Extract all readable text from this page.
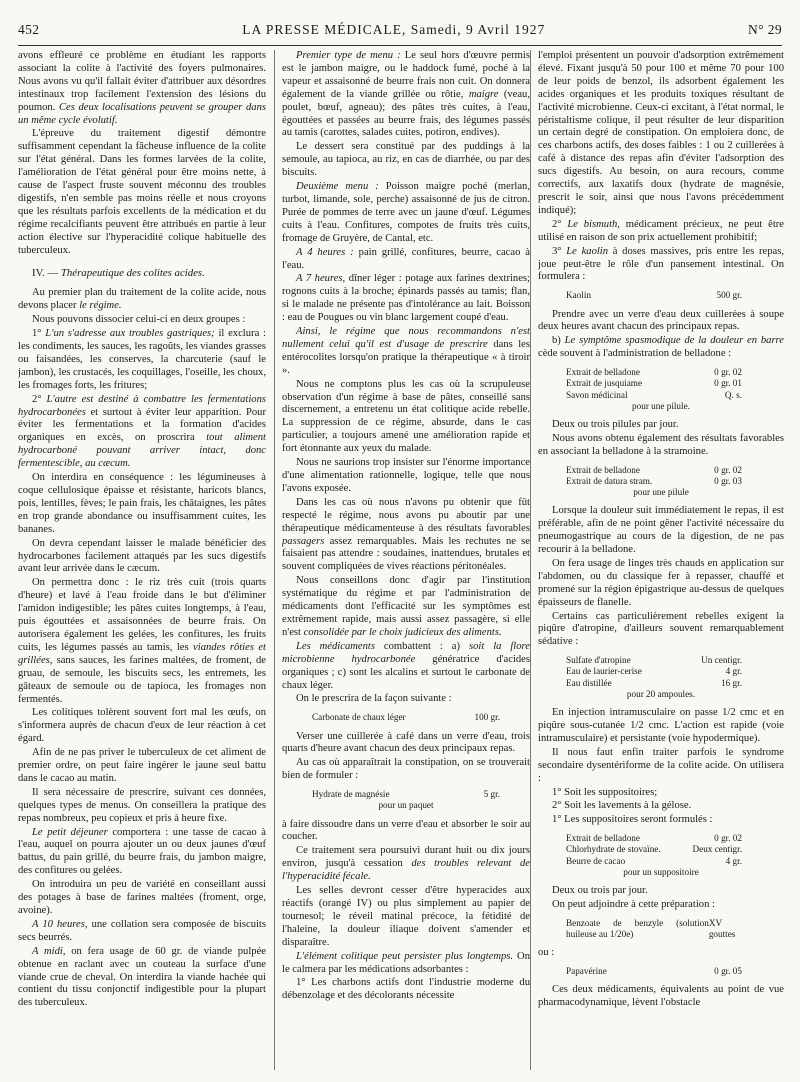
452	LA PRESSE MÉDICALE, Samedi, 9 Avril 1927	N° 29

avons effleuré ce problème en étudiant les rapports associant la colite à l'activité des foyers pulmonaires. Nous avons vu qu'il fallait éviter d'attribuer aux désordres intestinaux trop facilement l'extension des lésions du poumon. Ces deux localisations peuvent se grouper dans un même cycle évolutif.

L'épreuve du traitement digestif démontre suffisamment cependant la fâcheuse influence de la colite sur l'état général. Dans les formes larvées de la colite, l'amélioration de l'état général pour être moins nette, à cause de l'aspect fruste souvent méconnu des troubles digestifs, n'en semble pas moins réelle et nous croyons que les résultats parfois excellents de la médication et du régime recalcifiants peuvent être attribués en partie à leur action élective sur l'hyperacidité colique habituelle des tuberculeux.

IV. — Thérapeutique des colites acides.

Au premier plan du traitement de la colite acide, nous devons placer le régime.

Nous pouvons dissocier celui-ci en deux groupes :

1° L'un s'adresse aux troubles gastriques; il exclura : les condiments, les sauces, les ragoûts, les viandes grasses ou faisandées, les conserves, la charcuterie (sauf le jambon), les crustacés, les coquillages, l'oseille, les choux, les fromages forts, les fritures;

2° L'autre est destiné à combattre les fermentations hydrocarbonées et surtout à éviter leur apparition. Pour éviter les fermentations et la formation d'acides organiques en excès, on proscrira tout aliment hydrocarboné pouvant arriver intact, donc fermentescible, au cæcum.

On interdira en conséquence : les légumineuses à coque cellulosique épaisse et résistante, haricots blancs, pois, lentilles, fèves; le pain frais, les châtaignes, les pâtes en trop grande abondance ou insuffisamment cuites, les bananes.

On devra cependant laisser le malade bénéficier des hydrocarbones facilement attaqués par les sucs digestifs avant leur arrivée dans le cæcum.

On permettra donc : le riz très cuit (trois quarts d'heure) et lavé à l'eau froide dans le but d'éliminer l'amidon indigestible; les pâtes cuites longtemps, à l'eau, puis égouttées et assaisonnées de beurre frais. On autorisera également les gelées, les confitures, les fruits cuits, les légumes passés au tamis, les viandes rôties et grillées, sans sauces, les farines maltées, de froment, de gruau, de semoule, les biscuits secs, les entremets, les gâteaux de semoule ou de tapioca, les fromages non fermentés.

Les colitiques tolèrent souvent fort mal les œufs, on s'informera auprès de chacun d'eux de leur réaction à cet égard.

Afin de ne pas priver le tuberculeux de cet aliment de premier ordre, on peut faire ingérer le jaune seul battu dans le cacao au matin.

Il sera nécessaire de prescrire, suivant ces données, quelques types de menus. On conseillera la pratique des repas nombreux, peu copieux et pris à heure fixe.

Le petit déjeuner comportera : une tasse de cacao à l'eau, auquel on pourra ajouter un ou deux jaunes d'œuf battus, du pain grillé, du beurre frais, du jambon maigre, des confitures ou gelées.

On introduira un peu de variété en conseillant aussi des potages à base de farines maltées (froment, orge, avoine).

A 10 heures, une collation sera composée de biscuits secs beurrés.

A midi, on fera usage de 60 gr. de viande pulpée obtenue en raclant avec un couteau la surface d'une viande crue de cheval. On interdira la viande hachée qui contient du tissu conjonctif indigestible pour la plupart des tuberculeux.

Premier type de menu : Le seul hors d'œuvre permis est le jambon maigre, ou le haddock fumé, poché à la vapeur et assaisonné de beurre frais non cuit. On donnera également de la viande grillée ou rôtie, maigre (veau, poulet, bœuf, agneau); des pâtes très cuites, à l'eau, égouttées et passées au beurre frais, des légumes passés au tamis (carottes, salades cuites, potiron, endives).

Le dessert sera constitué par des puddings à la semoule, au tapioca, au riz, en cas de diarrhée, ou par des biscuits.

Deuxième menu : Poisson maigre poché (merlan, turbot, limande, sole, perche) assaisonné de jus de citron. Purée de pommes de terre avec un jaune d'œuf. Légumes cuits à l'eau. Confitures, compotes de fruits très cuits, fromage de Gruyère, de Cantal, etc.

A 4 heures : pain grillé, confitures, beurre, cacao à l'eau.

A 7 heures, dîner léger : potage aux farines dextrines; rognons cuits à la broche; épinards passés au tamis; flan, si le malade ne présente pas d'intolérance au lait. Boisson : eau de Pougues ou vin blanc largement coupé d'eau.

Ainsi, le régime que nous recommandons n'est nullement celui qu'il est d'usage de prescrire dans les entérocolites lorsqu'on pratique la thérapeutique « à tiroir ».

Nous ne comptons plus les cas où la scrupuleuse observation d'un régime à base de pâtes, conseillé sans discernement, a entretenu un état colitique acide rebelle. La suppression de ce régime, absurde, dans le cas particulier, a toujours amené une amélioration rapide et fort étonnante aux yeux du malade.

Nous ne saurions trop insister sur l'énorme importance d'une alimentation rationnelle, logique, telle que nous l'avons exposée.

Dans les cas où nous n'avons pu obtenir que fût respecté le régime, nous avons pu aboutir par une thérapeutique médicamenteuse à des résultats favorables passagers assez remarquables. Mais les rechutes ne se faisaient pas attendre : soudaines, inattendues, brutales et souvent compliquées de vives réactions péritonéales.

Nous conseillons donc d'agir par l'institution systématique du régime et par l'administration de médicaments dont l'efficacité sur les symptômes est extrêmement rapide, mais aussi assez passagère, si elle n'est consolidée par le choix judicieux des aliments.

Les médicaments combattent : a) soit la flore microbienne hydrocarbonée génératrice d'acides organiques ; c) sont les alcalins et surtout le carbonate de chaux léger.

On le prescrira de la façon suivante :

Carbonate de chaux léger	100 gr.

Verser une cuillerée à café dans un verre d'eau, trois quarts d'heure avant chacun des deux principaux repas.

Au cas où apparaîtrait la constipation, on se trouverait bien de formuler :

Hydrate de magnésie	5 gr.
pour un paquet

à faire dissoudre dans un verre d'eau et absorber le soir au coucher.

Ce traitement sera poursuivi durant huit ou dix jours environ, jusqu'à cessation des troubles relevant de l'hyperacidité fécale.

Les selles devront cesser d'être hyperacides aux réactifs (orangé IV) ou plus simplement au papier de tournesol; le réveil matinal précoce, la fétidité de l'haleine, la douleur iliaque doivent s'amender et disparaître.

L'élément colitique peut persister plus longtemps. On le calmera par les médications adsorbantes :

1° Les charbons actifs dont l'industrie moderne du débenzolage et des décolorants nécessite

l'emploi présentent un pouvoir d'adsorption extrêmement élevé. Fixant jusqu'à 50 pour 100 et même 70 pour 100 de leur poids de benzol, ils adsorbent également les acides organiques et les produits toxiques résultant de l'activité microbienne. Ceux-ci excitant, à l'état normal, le péristaltisme colique, il peut résulter de leur disparition un certain degré de constipation. On emploiera donc, de ces charbons actifs, des doses faibles : 1 ou 2 cuillerées à café à distance des repas afin d'éviter l'adsorption des sucs digestifs. Au besoin, on aura recours, comme correctifs, aux laxatifs doux (hydrate de magnésie, prescrit le soir, ainsi que nous l'avons précédemment indiqué);

2° Le bismuth, médicament précieux, ne peut être utilisé en raison de son prix actuellement prohibitif;

3° Le kaolin à doses massives, pris entre les repas, joue peut-être le rôle d'un pansement intestinal. On formulera :

Kaolin	500 gr.

Prendre avec un verre d'eau deux cuillerées à soupe deux heures avant chacun des principaux repas.

b) Le symptôme spasmodique de la douleur en barre cède souvent à l'administration de belladone :

Extrait de belladone	0 gr. 02
Extrait de jusquiame	0 gr. 01
Savon médicinal	Q. s.
pour une pilule.

Deux ou trois pilules par jour.

Nous avons obtenu également des résultats favorables en associant la belladone à la stramoine.

Extrait de belladone	0 gr. 02
Extrait de datura stram.	0 gr. 03
pour une pilule

Lorsque la douleur suit immédiatement le repas, il est préférable, afin de ne point gêner l'activité nécessaire du pneumogastrique au cours de la digestion, de ne pas recourir à la belladone.

On fera usage de linges très chauds en application sur l'abdomen, ou du classique fer à repasser, chauffé et promené sur la région épigastrique au-dessus de quelques épaisseurs de flanelle.

Certains cas particulièrement rebelles exigent la piqûre d'atropine, d'ailleurs souvent remarquablement sédative :

Sulfate d'atropine	Un centigr.
Eau de laurier-cerise	4 gr.
Eau distillée	16 gr.
pour 20 ampoules.

En injection intramusculaire on passe 1/2 cmc et en piqûre sous-cutanée 1/2 cmc. L'action est rapide (voie intramusculaire) et persistante (voie hypodermique).

Il nous faut enfin traiter parfois le syndrome secondaire dysentériforme de la colite acide. On utilisera :

1° Soit les suppositoires;

2° Soit les lavements à la gélose.

1° Les suppositoires seront formulés :

Extrait de belladone	0 gr. 02
Chlorhydrate de stovaïne.	Deux centigr.
Beurre de cacao	4 gr.
pour un suppositoire

Deux ou trois par jour.

On peut adjoindre à cette préparation :

Benzoate de benzyle (solution huileuse au 1/20e)
XV gouttes
ou :
Papavérine	0 gr. 05

Ces deux médicaments, équivalents au point de vue pharmacodynamique, lèvent l'obstacle
